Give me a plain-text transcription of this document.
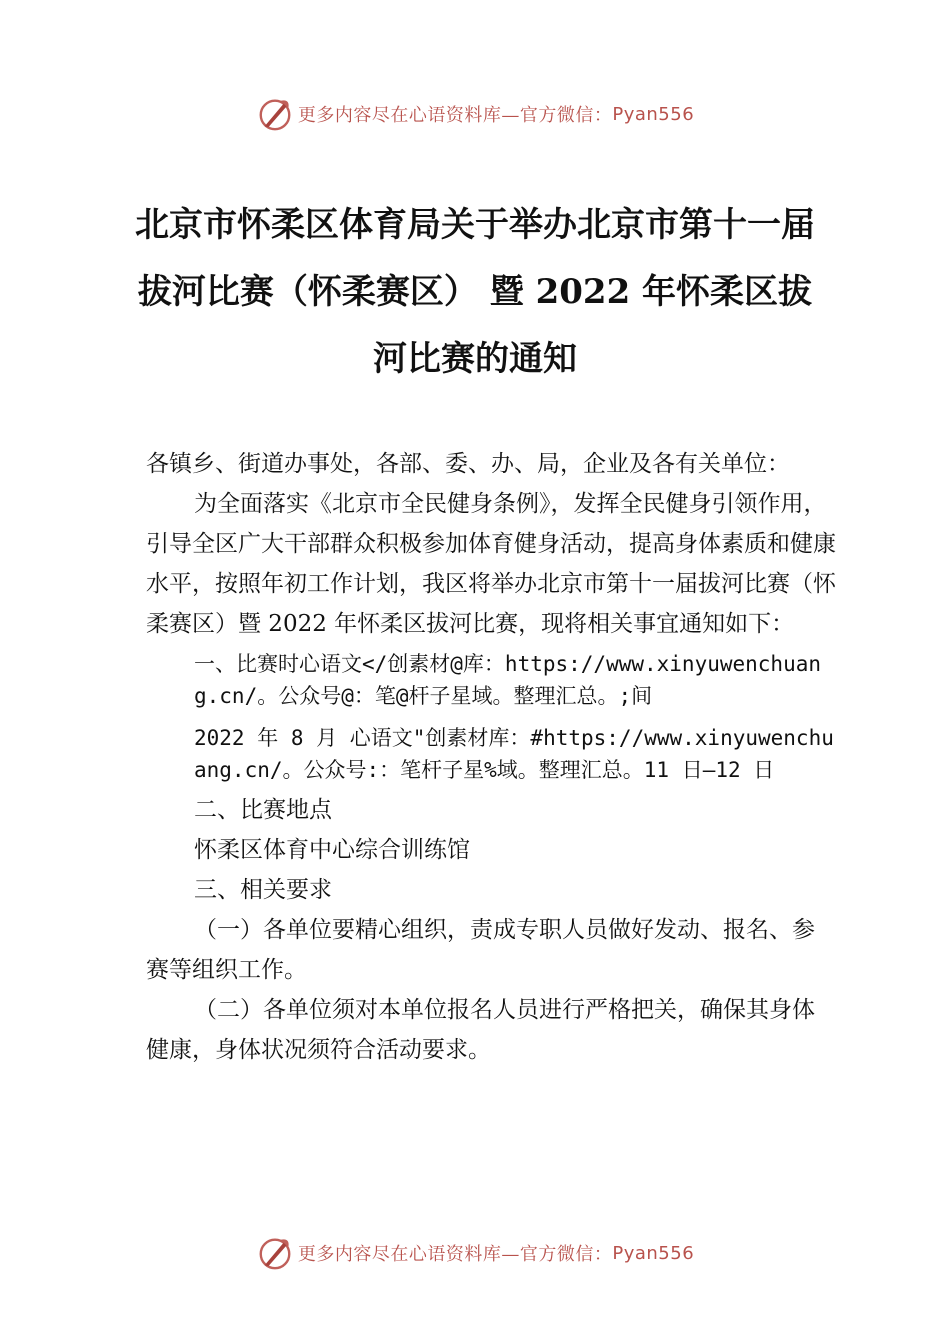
更多内容尽在心语资料库—官方微信： Pyan556
北京市怀柔区体育局关于举办北京市第十一届拔河比赛（怀柔赛区） 暨 2022 年怀柔区拔河比赛的通知

各镇乡、街道办事处，各部、委、办、局，企业及各有关单位：

为全面落实《北京市全民健身条例》，发挥全民健身引领作用，引导全区广大干部群众积极参加体育健身活动，提高身体素质和健康水平，按照年初工作计划，我区将举办北京市第十一届拔河比赛（怀柔赛区）暨 2022 年怀柔区拔河比赛，现将相关事宜通知如下：

一、比赛时心语文</创素材@库：https://www.xinyuwenchuang.cn/。公众号@：笔@杆子星域。整理汇总。;间

2022 年 8 月 心语文"创素材库：#https://www.xinyuwenchuang.cn/。公众号:：笔杆子星%域。整理汇总。11 日—12 日

二、比赛地点

怀柔区体育中心综合训练馆

三、相关要求

（一）各单位要精心组织，责成专职人员做好发动、报名、参赛等组织工作。

（二）各单位须对本单位报名人员进行严格把关，确保其身体健康，身体状况须符合活动要求。

更多内容尽在心语资料库—官方微信： Pyan556
